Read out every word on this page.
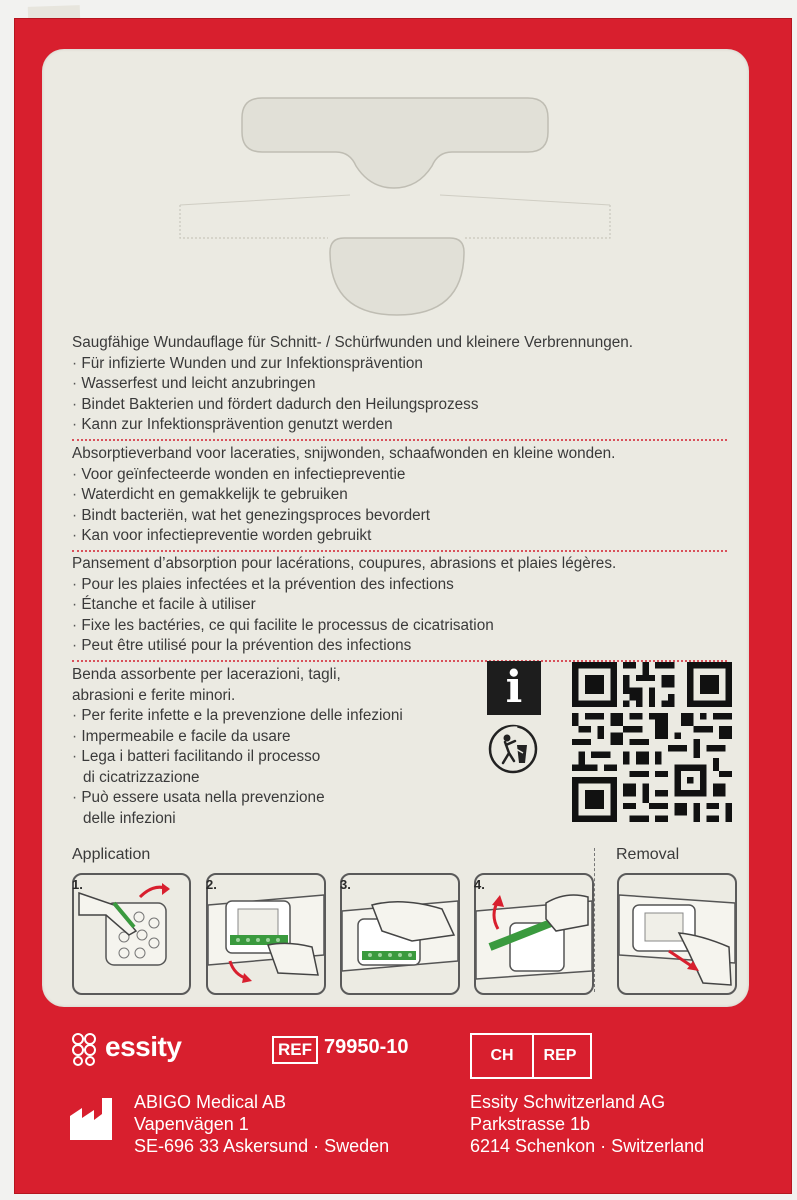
Saugfähige Wundauflage für Schnitt- / Schürfwunden und kleinere Verbrennungen.
· Für infizierte Wunden und zur Infektionsprävention
· Wasserfest und leicht anzubringen
· Bindet Bakterien und fördert dadurch den Heilungsprozess
· Kann zur Infektionsprävention genutzt werden
Absorptieverband voor laceraties, snijwonden, schaafwonden en kleine wonden.
· Voor geïnfecteerde wonden en infectiepreventie
· Waterdicht en gemakkelijk te gebruiken
· Bindt bacteriën, wat het genezingsproces bevordert
· Kan voor infectiepreventie worden gebruikt
Pansement d’absorption pour lacérations, coupures, abrasions et plaies légères.
· Pour les plaies infectées et la prévention des infections
· Étanche et facile à utiliser
· Fixe les bactéries, ce qui facilite le processus de cicatrisation
· Peut être utilisé pour la prévention des infections
Benda assorbente per lacerazioni, tagli,
abrasioni e ferite minori.
· Per ferite infette e la prevenzione delle infezioni
· Impermeabile e facile da usare
· Lega i batteri facilitando il processo
di cicatrizzazione
· Può essere usata nella prevenzione
delle infezioni
i
Application	Removal
1.	2.	3.	4.
essity	REF 79950-10	CH	REP
ABIGO Medical AB
Vapenvägen 1
SE-696 33 Askersund · Sweden
Essity Schwitzerland AG
Parkstrasse 1b
6214 Schenkon · Switzerland
